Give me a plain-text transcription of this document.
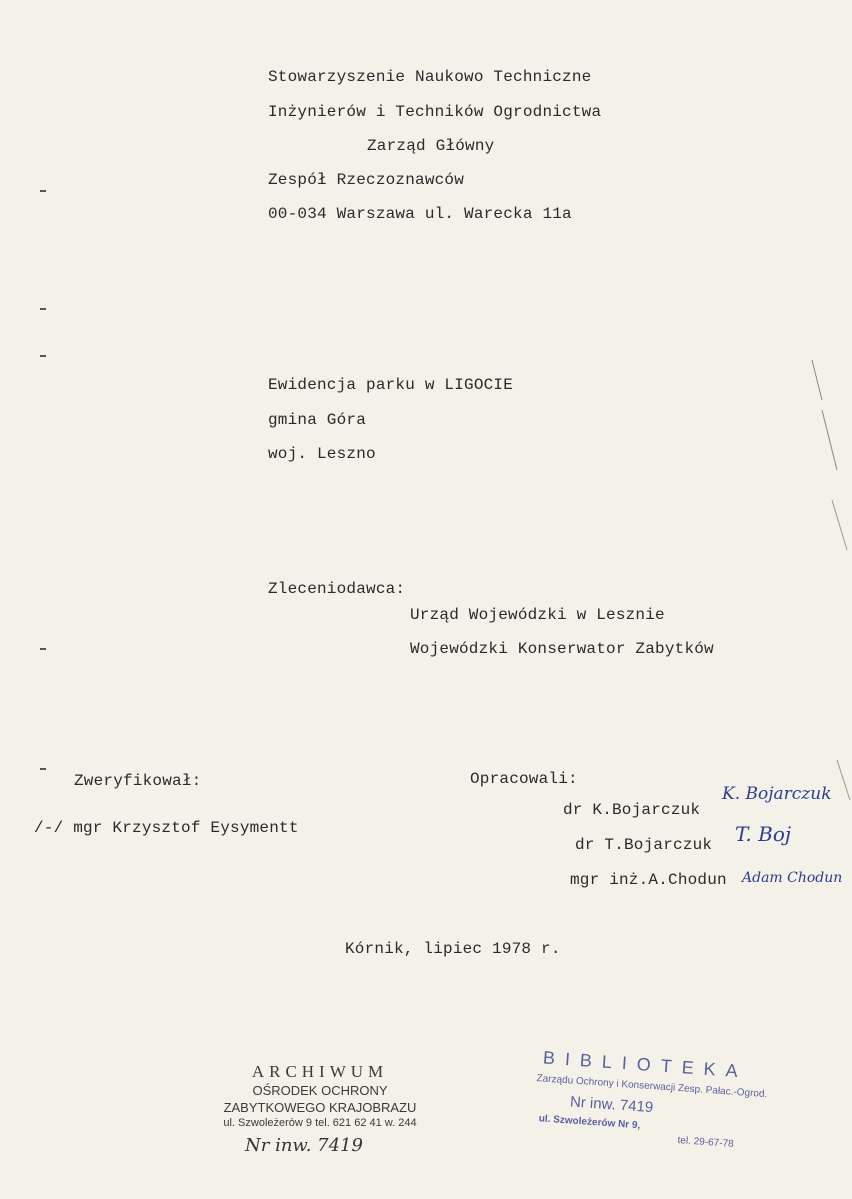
Stowarzyszenie Naukowo Techniczne
Inżynierów i Techników Ogrodnictwa
Zarząd Główny
Zespół Rzeczoznawców
00-034 Warszawa ul. Warecka 11a
Ewidencja parku w LIGOCIE
gmina Góra
woj. Leszno
Zleceniodawca:
Urząd Wojewódzki w Lesznie
Wojewódzki Konserwator Zabytków
Zweryfikował:
/-/ mgr Krzysztof Eysymentt
Opracowali:
dr K.Bojarczuk
dr T.Bojarczuk
mgr inż.A.Chodun
K. Bojarczuk
T. Boj
Adam Chodun
Kórnik, lipiec 1978 r.
ARCHIWUM
OŚRODEK OCHRONY
ZABYTKOWEGO KRAJOBRAZU
ul. Szwoleżerów 9 tel. 621 62 41 w. 244
Nr inw. 7419
BIBLIOTEKA
Zarządu Ochrony i Konserwacji Zesp. Pałac.-Ogrod.
Nr inw. 7419
ul. Szwoleżerów Nr 9,
tel. 29-67-78
